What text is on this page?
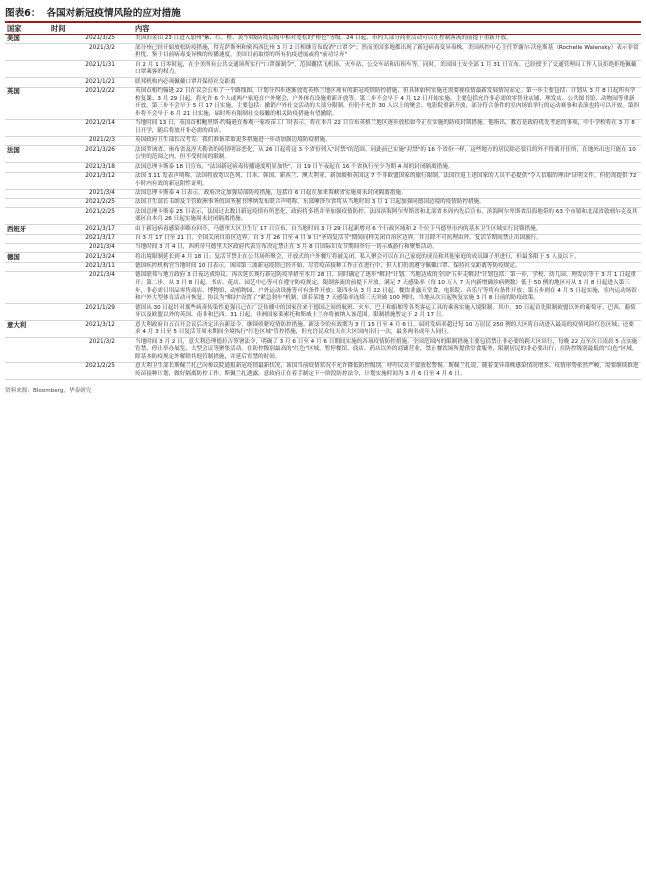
图表6： 各国对新冠疫情风险的应对措施
国家	时间	内容
美国	2021/3/25	美国旧金山 23 日进入加州"紫、红、橙、黄"四级防疫层级中相对宽松的"橙色"等级。24 日起，市内大部分商业活动可以在控制客流的前提下重新开放。
	2021/3/2	部分州已经开始放松防疫措施，得克萨斯州和密西西比州 3 月 2 日相继宣布取消"口罩令"；然而美国多地都出现了新冠病毒变异毒株，美国疾控中心主任罗谢尔·沃伦斯基（Rochelle Walensky）表示非常担忧。鉴于目前病毒变异株的传播速度，美国目前取得的所有抗疫进展或将"前功尽弃"
	2021/1/31	自 2 月 1 日零时起，在全美所有公共交通场所实行"口罩强制令"，范围囊括飞机场、火车站、公交车站和出租车等。同时，美国国土安全部 1 月 31 日宣布，已经授予了交通管理局工作人员拒绝拒绝佩戴口罩乘客的权力。
	2021/1/21	联邦机构内必须佩戴口罩并保持社交距离
英国	2021/2/22	英国首相约翰逊 22 日在议会公布了一个路线图，计划分四步逐渐放宽英格兰地区现有的新冠疫情防控措施，但具体如何实施还需要视疫情最新发展情况而定。第一步主要包括：计划从 3 月 8 日起所有学校复课；3 月 29 日起，将允许 6 个人或两户家庭在户外聚会，户外体育设施重新开放等。第二步不会早于 4 月 12 日开始实施，主要包括允许非必需的零售业店铺、理发店、公共图书馆、动物园等重新开放。第三步不会早于 5 月 17 日实施，主要包括：撤销户外社交活动的大部分限制，但仍不允许 30 人以上的聚会。电影院重新开放，部分符合条件的室内场馆举行的运动赛事和表演也将可以开放。第四步将不会早于 6 月 21 日实施，届时所有限制社交接触的相关防疫措施有望撤除。
	2021/2/14	当地时间 13 日，英国首相鲍里斯·约翰逊在参观一家疫苗工厂时表示，将在本月 22 日宣布英格兰地区逐步放松如今正在实施的防疫封锁措施。他指出，教育是政府优先考虑的事项，中小学校将在 3 月 8 日开学，随后将放开非必需的商店。
	2021/2/3	英国政府卫生部长汉考克：我们准备采取更多措施进一步动加强边境防疫措施。
法国	2021/3/26	法国罗讷省、奥布省及涅夫勒省的疫情明显恶化，从 26 日起将这 3 个省份列入"封禁"的范围。同此前已实施"封禁"的 16 个省份一样，这些地方的居民除必要目的外不得离开住所，在地外出也只能在 10 公里的范围之内，但不受时间的限制。
	2021/3/18	法国总理卡斯泰 18 日宣布，"法国新冠病毒传播速度明显加快"，自 19 日午夜起在 16 个省执行至少为期 4 周的封闭隔离措施。
	2021/3/12	法国 3.11 发表声明称，法国将放宽以色列、日本、韩国、新西兰、澳大利亚、新加坡和英国这 7 个非欧盟国家的旅行限制。法国往返上述国家的人员不必提供"令人信服的理由"证明文件，但仍需提供 72 小时内有效的新冠阴性证明。
	2021/3/4	法国总理卡斯泰 4 日表示，政府决定加强局部防疫措施，包括自 6 日起在加来海峡省实施周末封闭隔离措施。
	2021/2/25	法国卫生部长韦朗及主管欧洲事务的国务秘书博纳发布联合声明称，东部摩泽尔省将从当地时间 3 月 1 日起加强同德国边境的疫情防控措施。
	2021/2/25	法国总理卡斯泰 25 日表示，法国过去数日新冠疫情有所恶化，政府将多措并举加强疫情防控。法国滨海阿尔卑斯省和北部省本周内先后宣布，滨海阿尔卑斯省沿海地带的 63 个市镇和北部省敦刻尔克及其郊区自本月 26 日起实施周末封闭隔离措施。
西班牙	2021/3/17	由于新冠病毒感染率略有回升，马德里大区卫生厅 17 日宣布，自当地时间 3 月 29 日起新增对 6 个行政区域和 2 个位于马德里市内的基本卫生区域实行封锁措施。
	2021/3/17	自 3 月 17 日至 21 日，全国关闭自治区边界。自 3 月 26 日至 4 月 9 日"圣周复活节"期间同样关闭自治区边界。并且除不可抗理由外，复活节期间禁止出国旅行。
	2021/3/4	当地时间 3 月 4 日，西班牙马德里大区政府代表宣布决定禁止在 3 月 8 日国际妇女节期间举行一切示威游行和聚集活动。
德国	2021/3/24	将出境限制延长到 4 月 18 日；复活节禁止在公共场所聚会，开放式的户外餐厅将被关闭，私人聚会可以在自己家庭的成员和其他家庭的成员圈子里进行，但最多限于 5 人及以下。
	2021/3/11	德国疾控机构官当地时间 10 日表示，该国第三波新冠疫情已经开始，尽管疫苗接种工作正在进行中，但人们仍需遵守佩戴口罩、保持社交距离等防疫规定。
	2021/3/4	德国联邦与地方政府 3 日夜达成协议，再次延长现行新冠防疫举措至本月 28 日，同时确定了逐步"解封"计划，当地达成的全国"五步走解封"计划包括：第一步，学校、幼儿园、理发店等于 3 月 1 日起重开；第二步，从 3 月 8 日起，书店、花店、园艺中心等可在遵守防疫规定、限制客流的前提下开放。满足 7 天感染率（每 10 万人 7 天内新增确诊病例数）低于 50 例的地区可从 3 月 8 日起进入第三步，非必需日用品零售商店、博物馆、动植物园、户外运动设施等可有条件开放；第四步从 3 月 22 日起，餐饮业露天堂食、电影院、音乐厅等将有条件开放；第五步则在 4 月 5 日起实施，室内运动场馆和户外大型体育活动可恢复。协议为"解封"设置了"紧急刹车"机制，即若某地 7 天感染率连续三天突破 100 例时，当地从次日起恢复实施 3 月 8 日前的防疫政策。
	2021/1/29	德国从 30 日起针对那些病毒传染性更强且已在广泛传播中的国家往来于德国之间的航班、火车、巴士和船舶等各类客运工具的乘客实施入境限制。其中，30 日起首先限制欧盟以外的葡萄牙、巴西、葡萄牙以及欧盟以外的英国、南非和巴西。31 日起，非洲国家莱索托和斯威士兰亦将被纳入该范围。限制措施暂定于 2 月 17 日。
意大利	2021/3/12	意大利政府自五百开会议后决定出台新法令，继续收紧疫情防控措施。新法令的有效期为 3 月 15 日至 4 月 6 日，届时发病率超过每 10 万居民 250 例的大区将自动进入最高的疫情风险红色区域；还要求 4 月 3 日至 5 日复活节周末期间全境执行"红色区域"管控措施，但允许民众每天在大区国内出行一次，最多两名成年人同行。
	2021/3/2	当地时间 3 月 2 日，意大利总理德拉吉签署法令，明确了 3 月 6 日至 4 月 6 日期间实施的各项疫情防控措施。全国范围内的限制措施主要包括禁止非必要的跨大区出行，每晚 22 点至次日凌晨 5 点实施宵禁，停止举办展览、大型会议等聚集活动。在防控级别最高的"红色"区域，暂停餐馆、商店、药店以外的商铺营业，禁止餐饮场所提供堂食服务，限制居民的非必要出行；在防控级别最低的"白色"区域，除基本防疫规定外解除其他管制措施，并延后宵禁的时间。
	2021/2/25	意大利卫生部长斯佩兰扎已向参议院通报新冠疫情最新状况，该国当前疫情状况不允许降低防控级别，呼吁民众不要放松警惕。斯佩兰扎说，随着变异毒株感染情况增多，疫情形势依然严峻，需要继续推进疫苗接种计划，做好隔离防控工作。斯佩兰扎透露，意政府正在着手制定下一阶段防控法令，计划实施时间为 3 月 6 日至 4 月 6 日。
资料来源：Bloomberg，华泰研究
